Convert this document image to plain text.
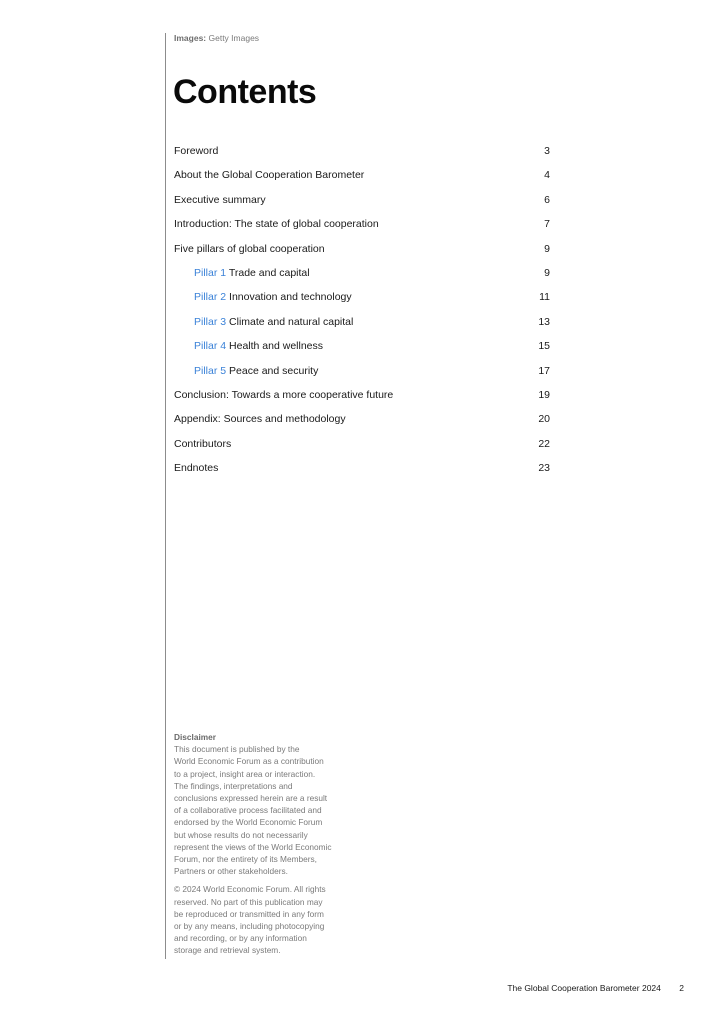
Images: Getty Images
Contents
Foreword	3
About the Global Cooperation Barometer	4
Executive summary	6
Introduction: The state of global cooperation	7
Five pillars of global cooperation	9
Pillar 1 Trade and capital	9
Pillar 2 Innovation and technology	11
Pillar 3 Climate and natural capital	13
Pillar 4 Health and wellness	15
Pillar 5 Peace and security	17
Conclusion: Towards a more cooperative future	19
Appendix: Sources and methodology	20
Contributors	22
Endnotes	23
Disclaimer

This document is published by the
World Economic Forum as a contribution
to a project, insight area or interaction.
The findings, interpretations and
conclusions expressed herein are a result
of a collaborative process facilitated and
endorsed by the World Economic Forum
but whose results do not necessarily
represent the views of the World Economic
Forum, nor the entirety of its Members,
Partners or other stakeholders.

© 2024 World Economic Forum. All rights
reserved. No part of this publication may
be reproduced or transmitted in any form
or by any means, including photocopying
and recording, or by any information
storage and retrieval system.

The Global Cooperation Barometer 2024 2
